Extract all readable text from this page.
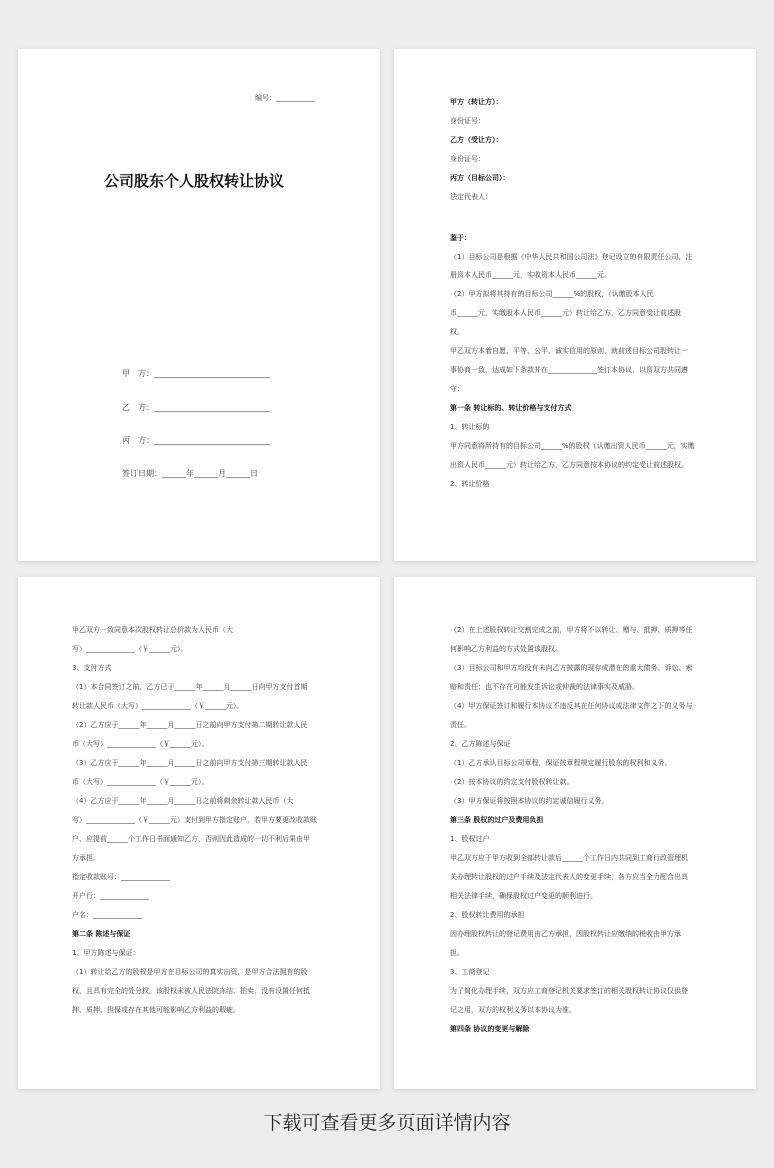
编号：___________
公司股东个人股权转让协议
甲　方：_____________________________
乙　方：_____________________________
丙　方：_____________________________
签订日期：______年______月______日
甲方（转让方）：
身份证号：
乙方（受让方）：
身份证号：
丙方（目标公司）：
法定代表人：
鉴于：
（1）目标公司是根据《中华人民共和国公司法》登记设立的有限责任公司，注
册资本人民币______元，实收资本人民币______元。
（2）甲方拟将其持有的目标公司______%的股权，（认缴股本人民
币______元，实缴股本人民币______元）转让给乙方，乙方同意受让前述股
权。
甲乙双方本着自愿、平等、公平、诚实信用的原则，就前述目标公司股转让一
事协商一致，达成如下条款并在______________签订本协议，以资双方共同遵
守：
第一条 转让标的、转让价格与支付方式
1、转让标的
甲方同意将所持有的目标公司______%的股权（认缴出资人民币______元，实缴
出资人民币______元）转让给乙方，乙方同意按本协议的约定受让前述股权。
2、转让价格
甲乙双方一致同意本次股权转让总价款为人民币（大
写）______________（￥______元）。
3、支付方式
（1）本合同签订之前，乙方已于______年______月______日向甲方支付首期
转让款人民币（大写）______________（￥______元）。
（2）乙方应于______年______月______日之前向甲方支付第二期转让款人民
币（大写）______________（￥______元）。
（3）乙方应于______年______月______日之前向甲方支付第三期转让款人民
币（大写）______________（￥______元）。
（4）乙方应于______年______月______日之前将剩余转让款人民币（大
写）______________（￥______元）支付到甲方指定账户，若甲方要更改收款账
户、应提前______个工作日书面通知乙方，否则因此造成的一切不利后果由甲
方承担。
指定收款账号：______________
开户行：______________
户名：______________
第二条 陈述与保证
1、甲方陈述与保证：
（1）转让给乙方的股权是甲方在目标公司的真实出资，是甲方合法拥有的股
权，且具有完全的处分权。该股权未被人民法院冻结、拍卖，没有设置任何抵
押、质押、担保或存在其他可能影响乙方利益的瑕疵。
（2）在上述股权转让交割完成之前，甲方将不以转让、赠与、抵押、质押等任
何影响乙方利益的方式处置该股权。
（3）目标公司和甲方均没有未向乙方披露的现存或潜在的重大债务、诉讼、索
赔和责任；也不存在可能发生诉讼或仲裁的法律事实及威胁。
（4）甲方保证签订和履行本协议不违反其在任何协议或法律文件之下的义务与
责任。
2、乙方陈述与保证
（1）乙方承认目标公司章程，保证按章程规定履行股东的权利和义务。
（2）按本协议的约定支付股权转让款。
（3）甲方保证将按照本协议的约定诚信履行义务。
第三条 股权的过户及费用负担
1、股权过户
甲乙双方应于甲方收到全部转让款后______个工作日内共同到工商行政管理机
关办理转让股权的过户手续及法定代表人的变更手续，各方应当全力配合出具
相关法律手续，确保股权过户变更的顺利进行。
2、股权转让费用的承担
因办理股权转让的登记费用由乙方承担，因股权转让应缴纳的税收由甲方承
担。
3、工商登记
为了简化办理手续，双方应工商登记机关要求签订的相关股权转让协议仅供登
记之用，双方的权利义务以本协议为准。
第四条 协议的变更与解除
下载可查看更多页面详情内容
